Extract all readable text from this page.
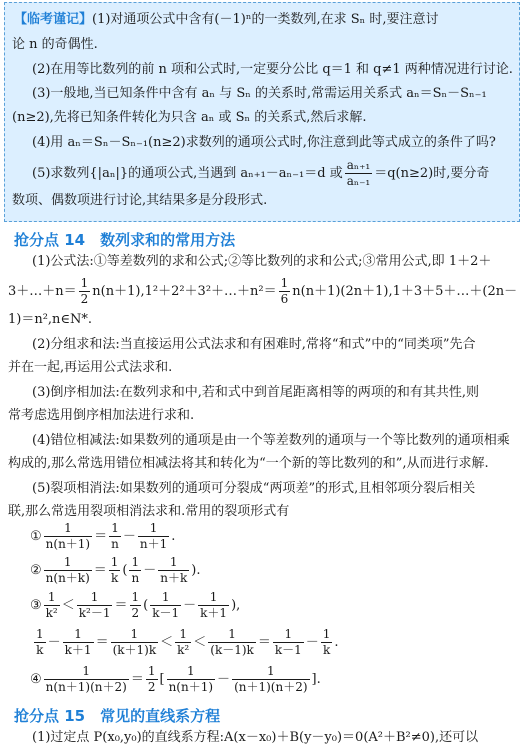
【临考谨记】(1)对通项公式中含有(－1)ⁿ的一类数列,在求 Sₙ 时,要注意讨
论 n 的奇偶性.
(2)在用等比数列的前 n 项和公式时,一定要分公比 q＝1 和 q≠1 两种情况进行讨论.
(3)一般地,当已知条件中含有 aₙ 与 Sₙ 的关系时,常需运用关系式 aₙ＝Sₙ－Sₙ₋₁
(n≥2),先将已知条件转化为只含 aₙ 或 Sₙ 的关系式,然后求解.
(4)用 aₙ＝Sₙ－Sₙ₋₁(n≥2)求数列的通项公式时,你注意到此等式成立的条件了吗?
(5)求数列{|aₙ|}的通项公式,当遇到 aₙ₊₁－aₙ₋₁＝d 或 $\frac{\text{aₙ₊₁}}{\text{aₙ₋₁}} =q(n\ge 2)$时,要分奇
数项、偶数项进行讨论,其结果多是分段形式.
抢分点 14　数列求和的常用方法
(1)公式法:①等差数列的求和公式;②等比数列的求和公式;③常用公式,即 1＋2＋
3＋…＋n＝ $\frac{1}{2}$ n(n＋1),1²＋2²＋3²＋…＋n²＝ $\frac{1}{6}$ n(n＋1)(2n＋1),1＋3＋5＋…＋(2n－
1)＝n²,n∈N*.
(2)分组求和法:当直接运用公式法求和有困难时,常将“和式”中的“同类项”先合
并在一起,再运用公式法求和.
(3)倒序相加法:在数列求和中,若和式中到首尾距离相等的两项的和有其共性,则
常考虑选用倒序相加法进行求和.
(4)错位相减法:如果数列的通项是由一个等差数列的通项与一个等比数列的通项相乘
构成的,那么常选用错位相减法将其和转化为“一个新的等比数列的和”,从而进行求解.
(5)裂项相消法:如果数列的通项可分裂成“两项差”的形式,且相邻项分裂后相关
联,那么常选用裂项相消法求和.常用的裂项形式有
① $\frac{1}{n(n+1)} = \frac{1}{n} - \frac{1}{n+1}$ .
② $\frac{1}{n(n+k)} = \frac{1}{k}$ ( $\frac{1}{n} - \frac{1}{n+k}$ ).
③ $\frac{1}{\text{k²}} < \frac{1}{\text{k²－1}} = \frac{1}{2}$ ( $\frac{1}{k-1} - \frac{1}{k+1}$ ),
$\frac{1}{k} - \frac{1}{k+1} = \frac{1}{(k+1)k} < \frac{1}{\text{k²}} < \frac{1}{(k-1)k} = \frac{1}{k-1} - \frac{1}{k}$ .
④ $\frac{1}{n(n+1)(n+2)} = \frac{1}{2}$ [ $\frac{1}{n(n+1)} - \frac{1}{(n+1)(n+2)}$ ].
抢分点 15　常见的直线系方程
(1)过定点 P(x₀,y₀)的直线系方程:A(x－x₀)＋B(y－y₀)＝0(A²＋B²≠0),还可以
